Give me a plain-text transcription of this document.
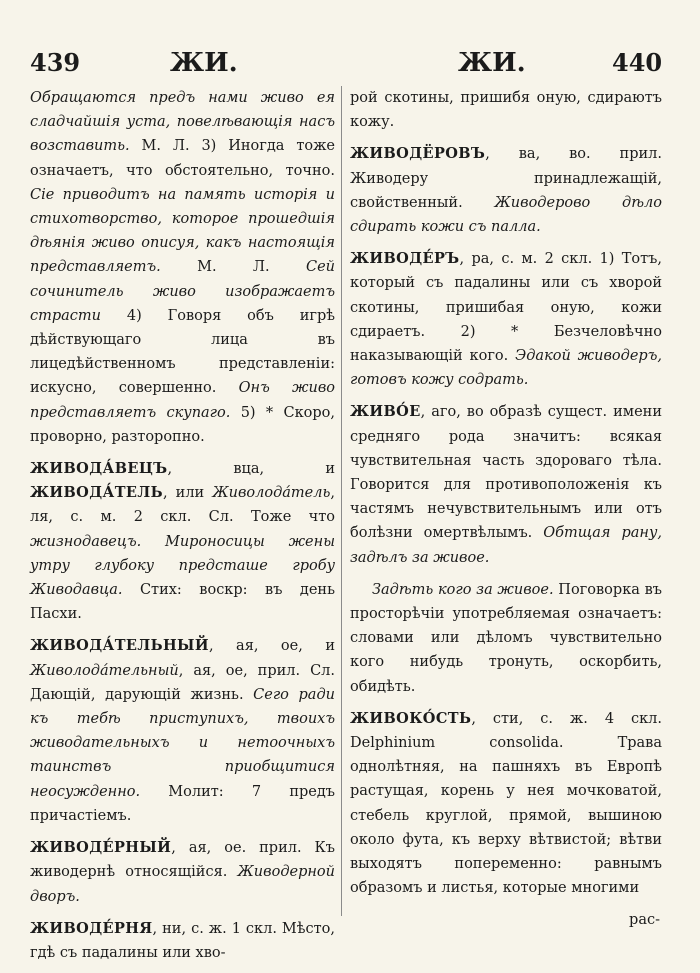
439	ЖИ.	ЖИ.	440

Обращаются предъ нами живо ея сладчайшія уста, повелѣвающія насъ возставить. М. Л. 3) Иногда тоже означаетъ, что обстоятельно, точно. Сіе приводитъ на память исторія и стихотворство, которое прошедшія дѣянія живо описуя, какъ настоящія представляетъ. М. Л. Сей сочинитель живо изображаетъ страсти 4) Говоря объ игрѣ дѣйствующаго лица въ лицедѣйственномъ представленіи: искусно, совершенно. Онъ живо представляетъ скупаго. 5) * Скоро, проворно, разторопно.

ЖИВОДА́ВЕЦЪ, вца, и ЖИВОДА́ТЕЛЬ, или Живолода́тель, ля, с. м. 2 скл. Сл. Тоже что жизнодавецъ. Мироносицы жены утру глубоку предсташе гробу Живодавца. Стих: воскр: въ день Пасхи.

ЖИВОДА́ТЕЛЬНЫЙ, ая, ое, и Живолода́тельный, ая, ое, прил. Сл. Дающій, дарующій жизнь. Сего ради къ тебѣ приступихъ, твоихъ живодательныхъ и нетоочныхъ таинствъ приобщитися неосужденно. Молит: 7 предъ причастіемъ.

ЖИВОДЕ́РНЫЙ, ая, ое. прил. Къ живодернѣ относящійся. Живодерной дворъ.

ЖИВОДЕ́РНЯ, ни, с. ж. 1 скл. Мѣсто, гдѣ съ падалины или хво-

рой скотины, пришибя оную, сдираютъ кожу.

ЖИВОДЁРОВЪ, ва, во. прил. Живодеру принадлежащій, свойственный. Живодерово дѣло сдирать кожи съ палла.

ЖИВОДЕ́РЪ, ра, с. м. 2 скл. 1) Тотъ, который съ падалины или съ хворой скотины, пришибая оную, кожи сдираетъ. 2) * Безчеловѣчно наказывающій кого. Эдакой живодеръ, готовъ кожу содрать.

ЖИВО́Е, аго, во образѣ сущест. имени средняго рода значитъ: всякая чувствительная часть здороваго тѣла. Говорится для противоположенія къ частямъ нечувствительнымъ или отъ болѣзни омертвѣлымъ. Обтщая рану, задѣлъ за живое.

Задѣть кого за живое. Поговорка въ просторѣчіи употребляемая означаетъ: словами или дѣломъ чувствительно кого нибудь тронуть, оскорбить, обидѣть.

ЖИВОКО́СТЬ, сти, с. ж. 4 скл. Delphinium consolida. Трава однолѣтняя, на пашняхъ въ Европѣ растущая, корень у нея мочковатой, стебель круглой, прямой, вышиною около фута, къ верху вѣтвистой; вѣтви выходятъ попеременно: равнымъ образомъ и листья, которые многими

рас-
